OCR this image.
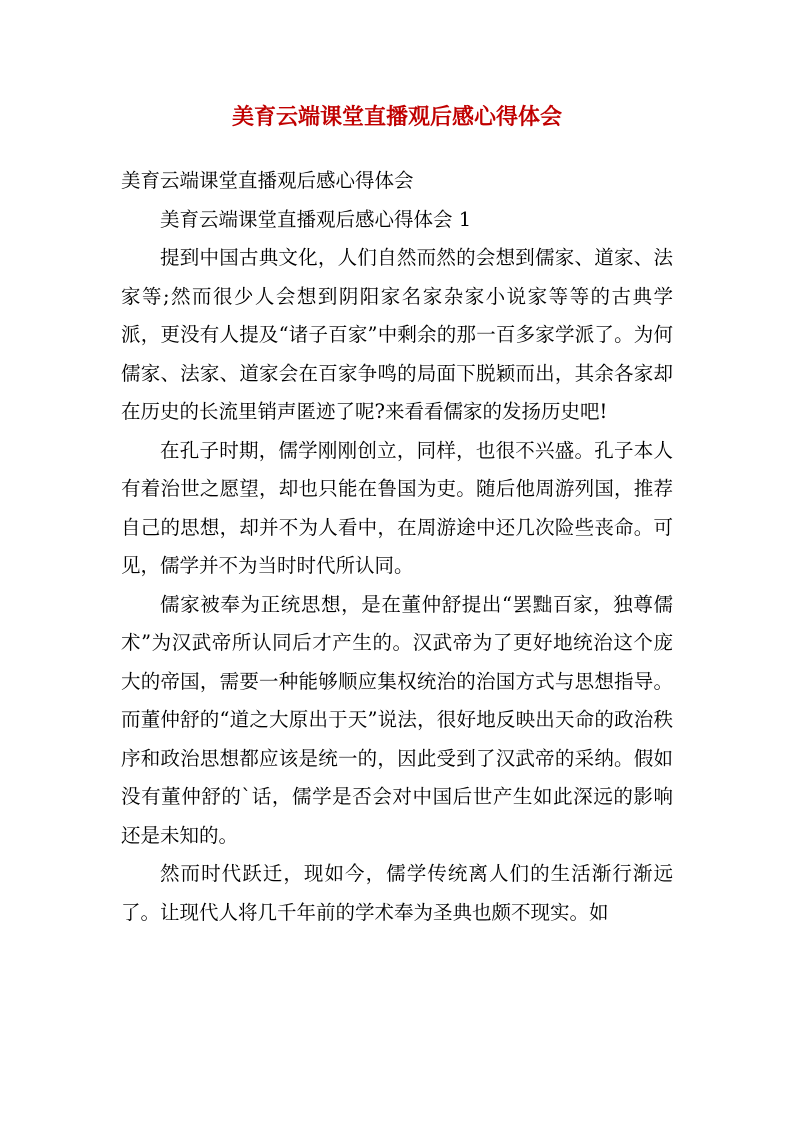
美育云端课堂直播观后感心得体会

美育云端课堂直播观后感心得体会

美育云端课堂直播观后感心得体会 1

提到中国古典文化，人们自然而然的会想到儒家、道家、法家等;然而很少人会想到阴阳家名家杂家小说家等等的古典学派，更没有人提及“诸子百家”中剩余的那一百多家学派了。为何儒家、法家、道家会在百家争鸣的局面下脱颖而出，其余各家却在历史的长流里销声匿迹了呢?来看看儒家的发扬历史吧!

在孔子时期，儒学刚刚创立，同样，也很不兴盛。孔子本人有着治世之愿望，却也只能在鲁国为吏。随后他周游列国，推荐自己的思想，却并不为人看中，在周游途中还几次险些丧命。可见，儒学并不为当时时代所认同。

儒家被奉为正统思想，是在董仲舒提出“罢黜百家，独尊儒术”为汉武帝所认同后才产生的。汉武帝为了更好地统治这个庞大的帝国，需要一种能够顺应集权统治的治国方式与思想指导。而董仲舒的“道之大原出于天”说法，很好地反映出天命的政治秩序和政治思想都应该是统一的，因此受到了汉武帝的采纳。假如没有董仲舒的`话，儒学是否会对中国后世产生如此深远的影响还是未知的。

然而时代跃迁，现如今，儒学传统离人们的生活渐行渐远了。让现代人将几千年前的学术奉为圣典也颇不现实。如
